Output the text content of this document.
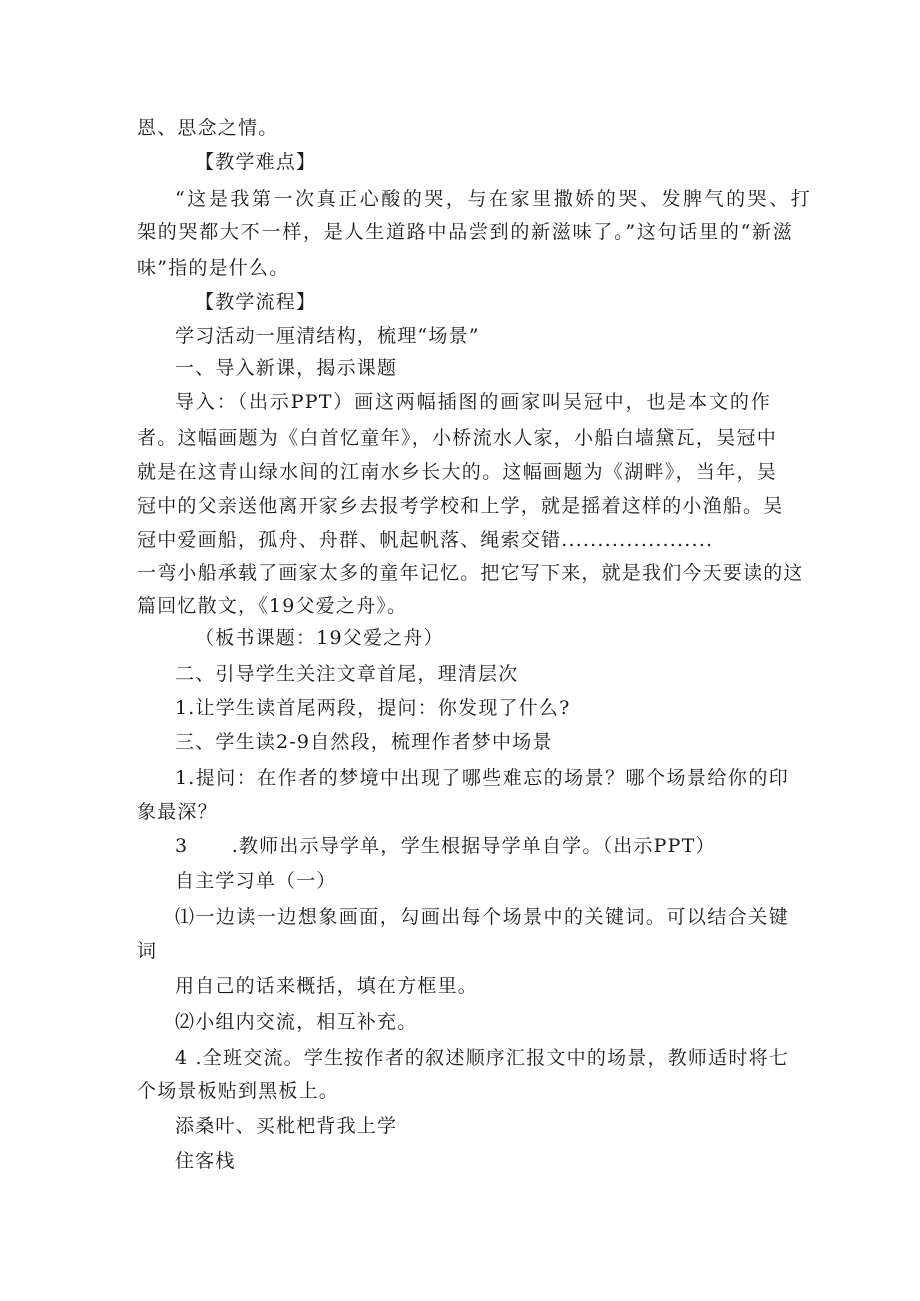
恩、思念之情。
【教学难点】
“这是我第一次真正心酸的哭，与在家里撒娇的哭、发脾气的哭、打
架的哭都大不一样，是人生道路中品尝到的新滋味了。”这句话里的“新滋
味”指的是什么。
【教学流程】
学习活动一厘清结构，梳理“场景”
一、导入新课，揭示课题
导入：（出示PPT）画这两幅插图的画家叫吴冠中，也是本文的作
者。这幅画题为《白首忆童年》，小桥流水人家，小船白墙黛瓦，吴冠中
就是在这青山绿水间的江南水乡长大的。这幅画题为《湖畔》，当年，吴
冠中的父亲送他离开家乡去报考学校和上学，就是摇着这样的小渔船。吴
冠中爱画船，孤舟、舟群、帆起帆落、绳索交错.....................
一弯小船承载了画家太多的童年记忆。把它写下来，就是我们今天要读的这
篇回忆散文，《19父爱之舟》。
（板书课题：19父爱之舟）
二、引导学生关注文章首尾，理清层次
1.让学生读首尾两段，提问：你发现了什么?
三、学生读2-9自然段，梳理作者梦中场景
1.提问：在作者的梦境中出现了哪些难忘的场景？哪个场景给你的印
象最深？
3      .教师出示导学单，学生根据导学单自学。（出示PPT）
自主学习单（一）
⑴一边读一边想象画面，勾画出每个场景中的关键词。可以结合关键
词
用自己的话来概括，填在方框里。
⑵小组内交流，相互补充。
4 .全班交流。学生按作者的叙述顺序汇报文中的场景，教师适时将七
个场景板贴到黑板上。
添桑叶、买枇杷背我上学
住客栈
